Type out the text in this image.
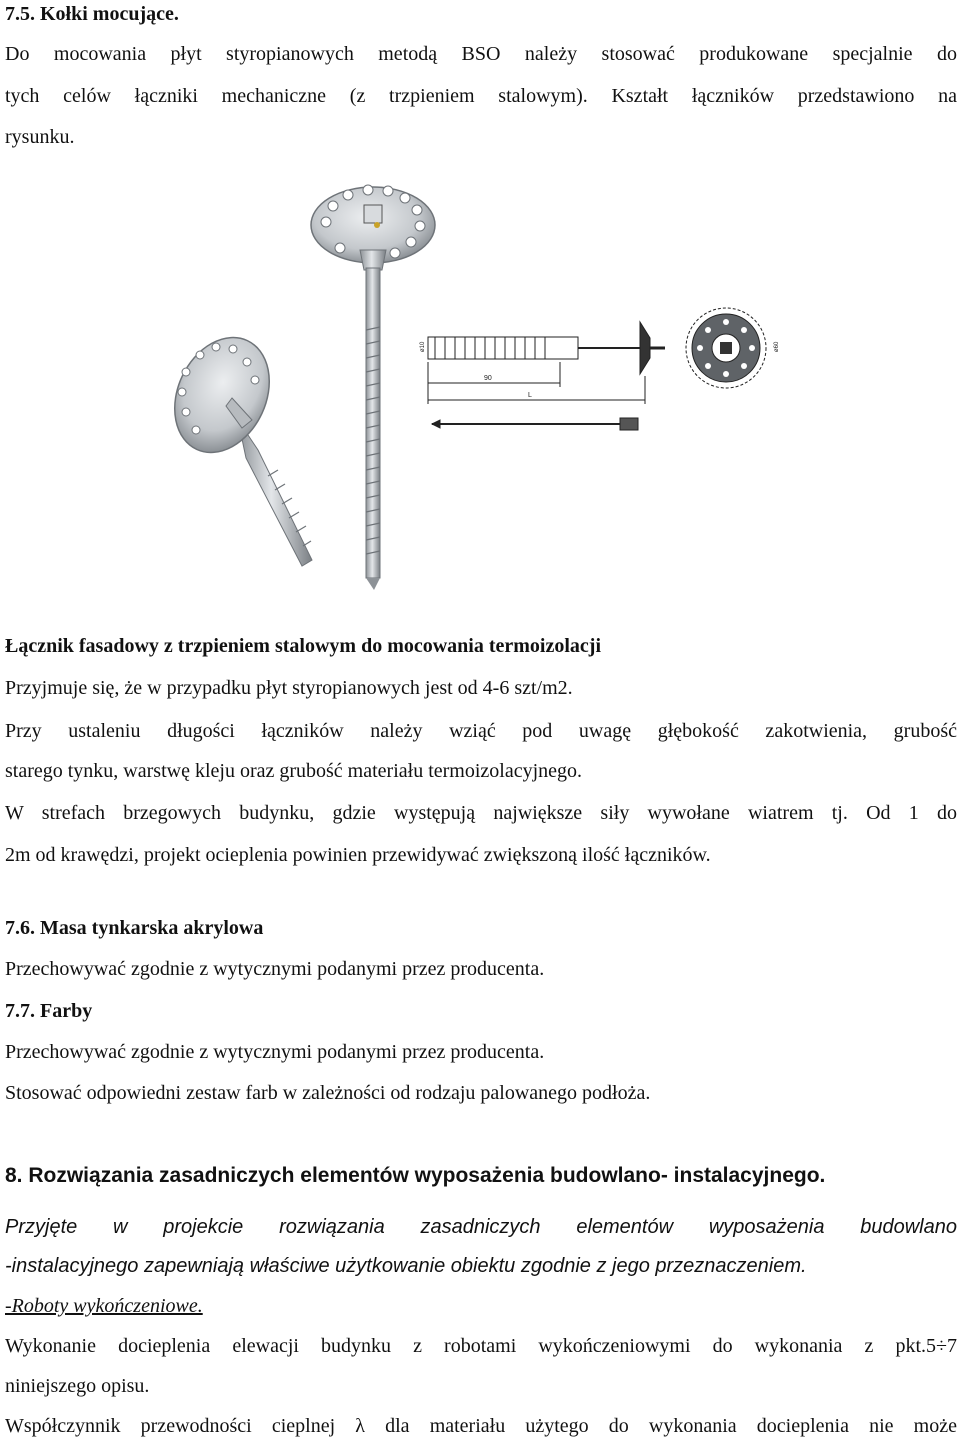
7.5. Kołki mocujące.
Do mocowania płyt styropianowych metodą BSO należy stosować produkowane specjalnie do
tych celów łączniki mechaniczne (z trzpieniem stalowym). Kształt łączników przedstawiono na
rysunku.
90
L
ø60
ø10
Łącznik fasadowy z trzpieniem stalowym do mocowania termoizolacji
Przyjmuje się, że w przypadku płyt styropianowych jest od 4-6 szt/m2.
Przy ustaleniu długości łączników należy wziąć pod uwagę głębokość zakotwienia, grubość
starego tynku, warstwę kleju oraz grubość materiału termoizolacyjnego.
W strefach brzegowych budynku, gdzie występują największe siły wywołane wiatrem tj. Od 1 do
2m od krawędzi, projekt ocieplenia powinien przewidywać zwiększoną ilość łączników.
7.6. Masa tynkarska akrylowa
Przechowywać zgodnie z wytycznymi podanymi przez producenta.
7.7. Farby
Przechowywać zgodnie z wytycznymi podanymi przez producenta.
Stosować odpowiedni zestaw farb w zależności od rodzaju palowanego podłoża.
8. Rozwiązania zasadniczych elementów wyposażenia budowlano- instalacyjnego.
Przyjęte w projekcie rozwiązania zasadniczych elementów wyposażenia budowlano
-instalacyjnego zapewniają właściwe użytkowanie obiektu zgodnie z jego przeznaczeniem.
-Roboty wykończeniowe.
Wykonanie docieplenia elewacji budynku z robotami wykończeniowymi do wykonania z pkt.5÷7
niniejszego opisu.
Współczynnik przewodności cieplnej λ dla materiału użytego do wykonania docieplenia nie może
